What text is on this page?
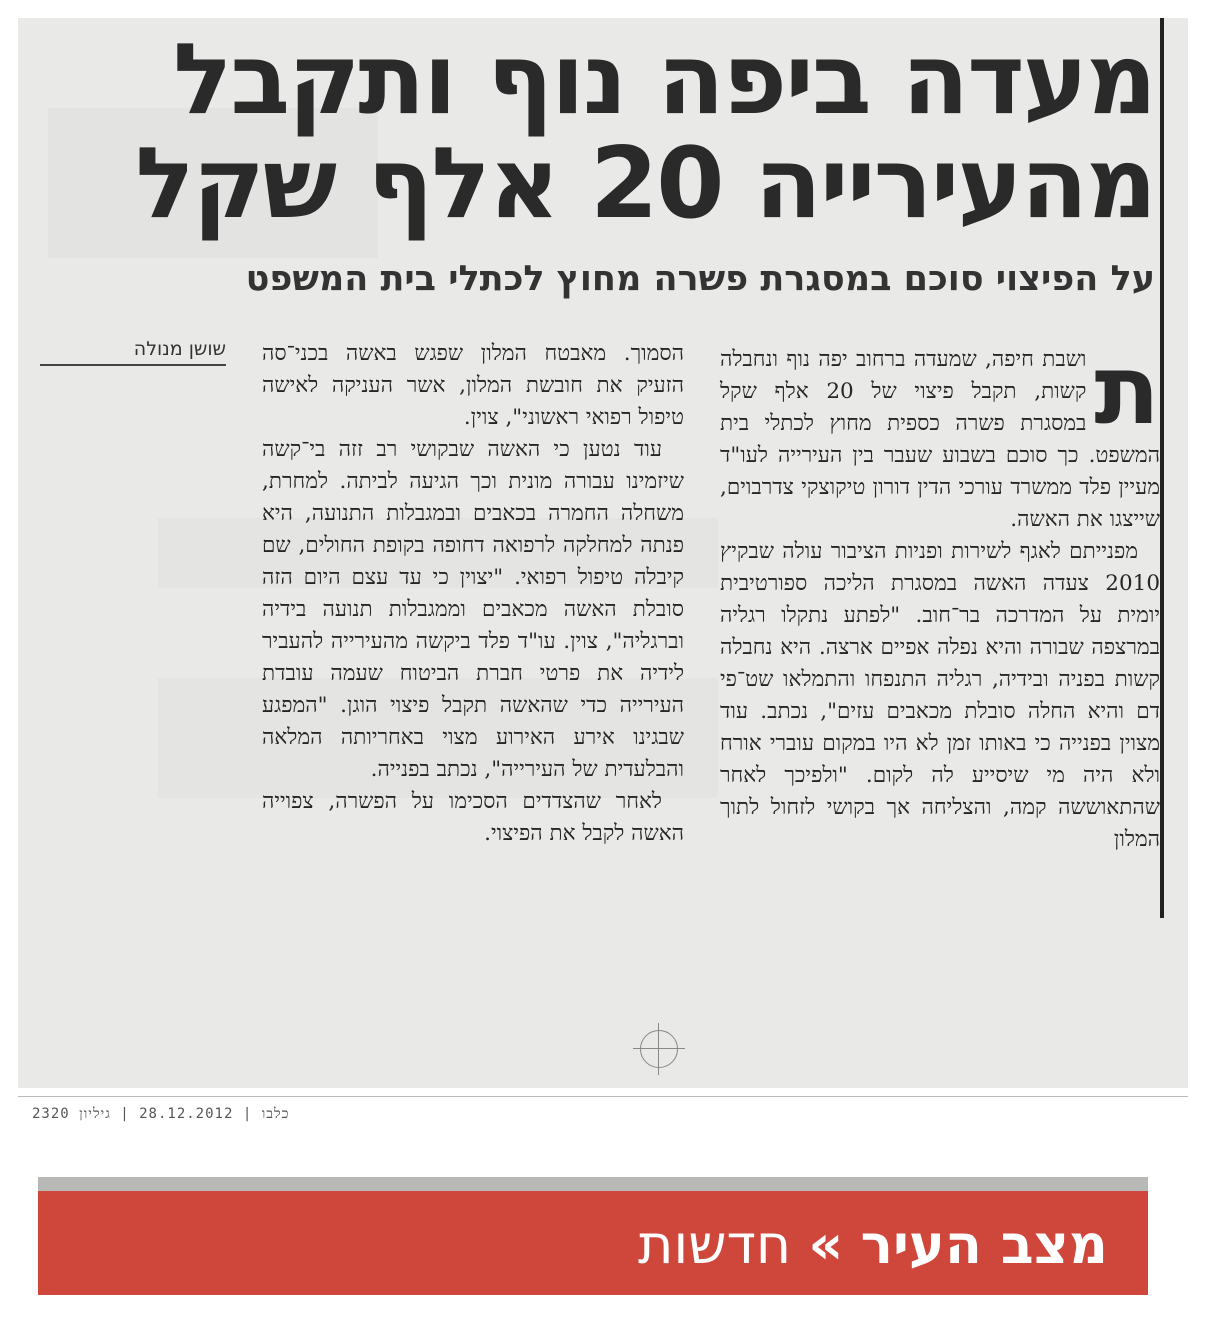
מעדה ביפה נוף ותקבל
מהעירייה 20 אלף שקל
על הפיצוי סוכם במסגרת פשרה מחוץ לכתלי בית המשפט
שושן מנולה	ת

ושבת חיפה, שמעדה ברחוב יפה נוף ונחבלה קשות, תקבל פיצוי של 20 אלף שקל במסגרת פשרה כספית מחוץ לכתלי בית המשפט. כך סוכם בשבוע שעבר בין העירייה לעו"ד מעיין פלד ממשרד עורכי הדין דורון טיקוצקי צדרבוים, שייצגו את האשה.

מפנייתם לאגף לשירות ופניות הציבור עולה שבקיץ 2010 צעדה האשה במסגרת הליכה ספורטיבית יומית על המדרכה בר־חוב. "לפתע נתקלו רגליה במרצפה שבורה והיא נפלה אפיים ארצה. היא נחבלה קשות בפניה ובידיה, רגליה התנפחו והתמלאו שט־פי דם והיא החלה סובלת מכאבים עזים", נכתב. עוד מצוין בפנייה כי באותו זמן לא היו במקום עוברי אורח ולא היה מי שיסייע לה לקום. "ולפיכך לאחר שהתאוששה קמה, והצליחה אך בקושי לזחול לתוך המלון

הסמוך. מאבטח המלון שפגש באשה בכני־סה הזעיק את חובשת המלון, אשר העניקה לאישה טיפול רפואי ראשוני", צוין.

עוד נטען כי האשה שבקושי רב זזה בי־קשה שיזמינו עבורה מונית וכך הגיעה לביתה. למחרת, משחלה החמרה בכאבים ובמגבלות התנועה, היא פנתה למחלקה לרפואה דחופה בקופת החולים, שם קיבלה טיפול רפואי. "יצוין כי עד עצם היום הזה סובלת האשה מכאבים וממגבלות תנועה בידיה וברגליה", צוין. עו"ד פלד ביקשה מהעירייה להעביר לידיה את פרטי חברת הביטוח שעמה עובדת העירייה כדי שהאשה תקבל פיצוי הוגן. "המפגע שבגינו אירע האירוע מצוי באחריותה המלאה והבלעדית של העירייה", נכתב בפנייה.

לאחר שהצדדים הסכימו על הפשרה, צפוייה האשה לקבל את הפיצוי.

כלבו | 28.12.2012 | גיליון 2320
מצב העיר » חדשות
